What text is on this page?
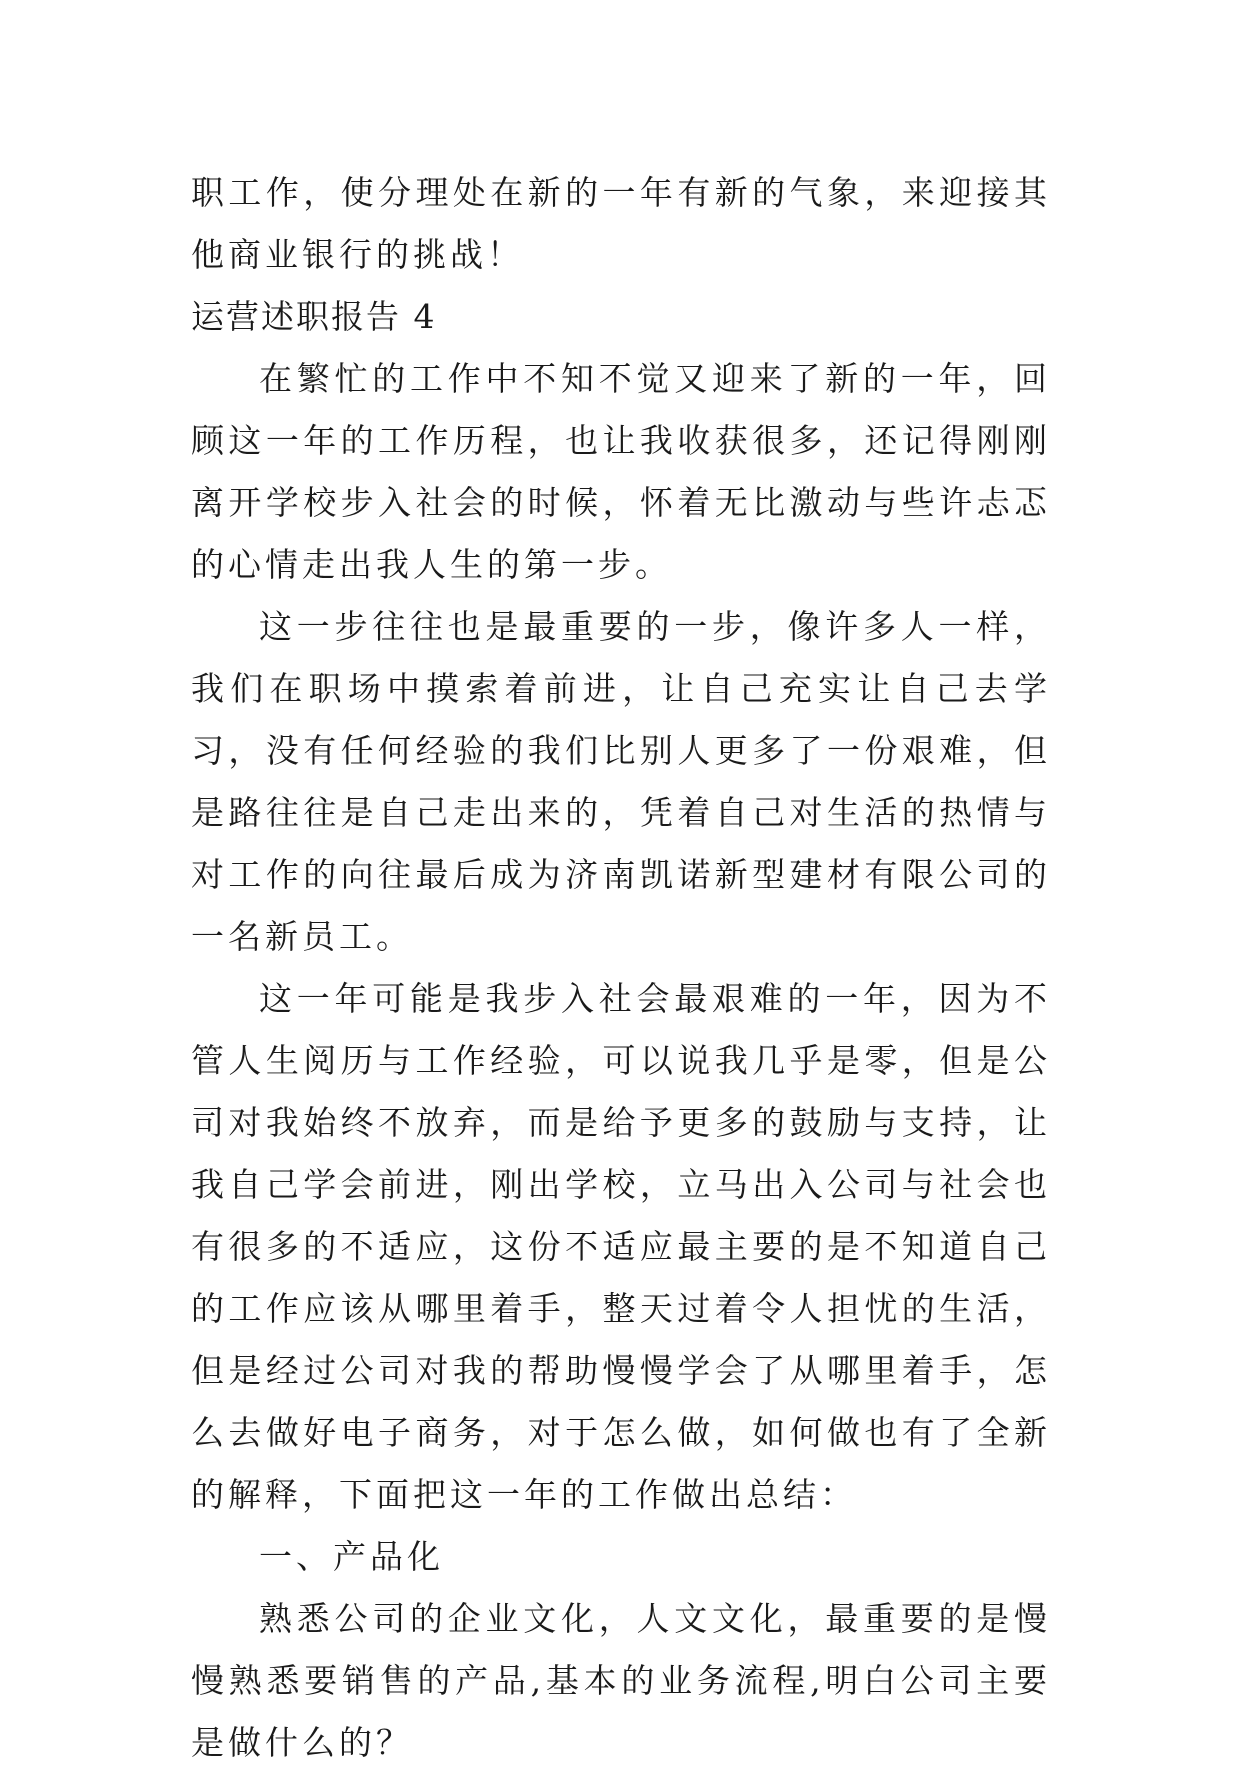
职工作，使分理处在新的一年有新的气象，来迎接其他商业银行的挑战！

运营述职报告 4

在繁忙的工作中不知不觉又迎来了新的一年，回顾这一年的工作历程，也让我收获很多，还记得刚刚离开学校步入社会的时候，怀着无比激动与些许忐忑的心情走出我人生的第一步。

这一步往往也是最重要的一步，像许多人一样，我们在职场中摸索着前进，让自己充实让自己去学习，没有任何经验的我们比别人更多了一份艰难，但是路往往是自己走出来的，凭着自己对生活的热情与对工作的向往最后成为济南凯诺新型建材有限公司的一名新员工。

这一年可能是我步入社会最艰难的一年，因为不管人生阅历与工作经验，可以说我几乎是零，但是公司对我始终不放弃，而是给予更多的鼓励与支持，让我自己学会前进，刚出学校，立马出入公司与社会也有很多的不适应，这份不适应最主要的是不知道自己的工作应该从哪里着手，整天过着令人担忧的生活，但是经过公司对我的帮助慢慢学会了从哪里着手，怎么去做好电子商务，对于怎么做，如何做也有了全新的解释，下面把这一年的工作做出总结：

一、产品化

熟悉公司的企业文化，人文文化，最重要的是慢慢熟悉要销售的产品,基本的业务流程,明白公司主要是做什么的？
